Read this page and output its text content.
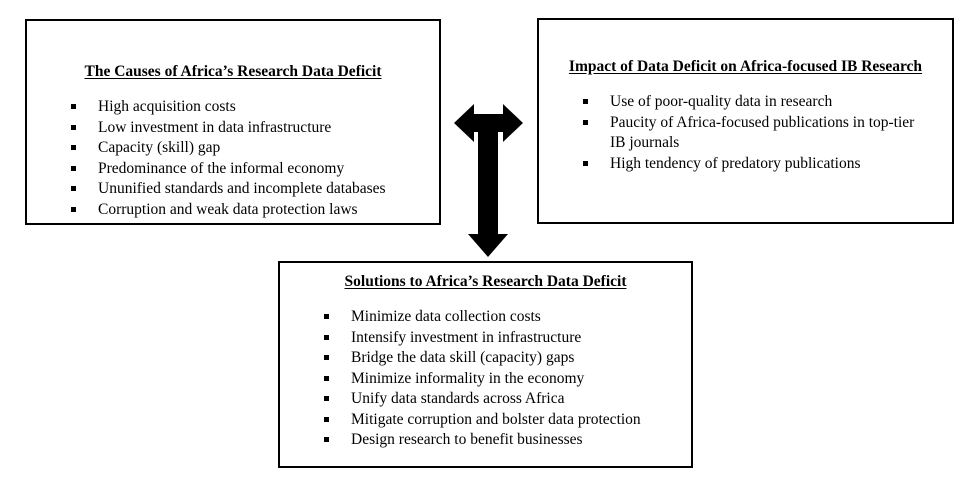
The Causes of Africa’s Research Data Deficit
High acquisition costs
Low investment in data infrastructure
Capacity (skill) gap
Predominance of the informal economy
Ununified standards and incomplete databases
Corruption and weak data protection laws
Impact of Data Deficit on Africa-focused IB Research
Use of poor-quality data in research
Paucity of Africa-focused publications in top-tier IB journals
High tendency of predatory publications
Solutions to Africa’s Research Data Deficit
Minimize data collection costs
Intensify investment in infrastructure
Bridge the data skill (capacity) gaps
Minimize informality in the economy
Unify data standards across Africa
Mitigate corruption and bolster data protection
Design research to benefit businesses
